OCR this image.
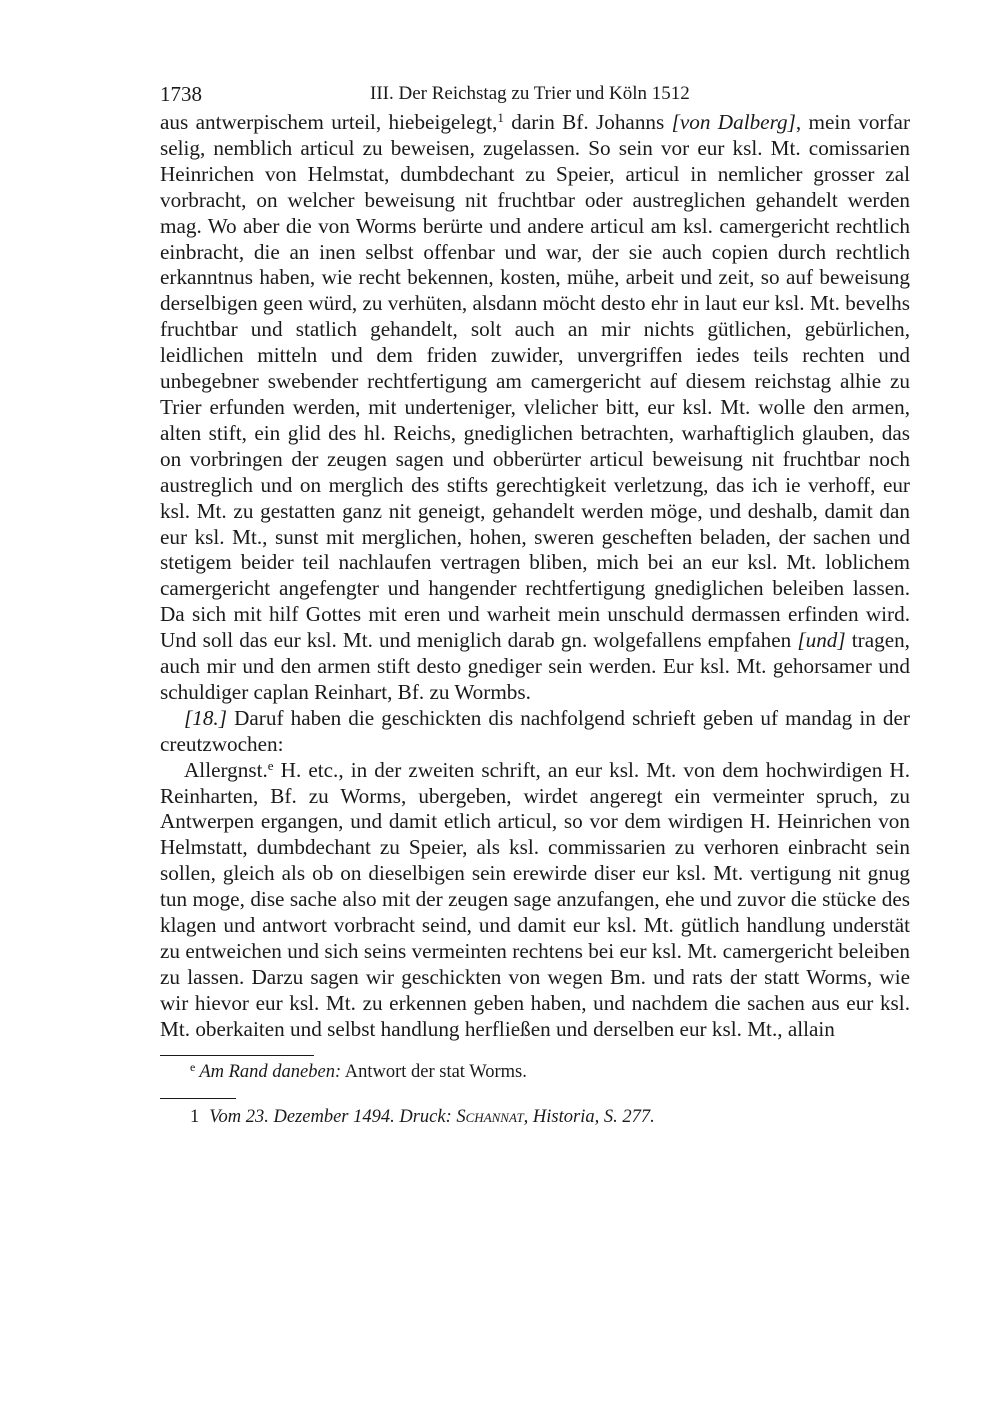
1738	III. Der Reichstag zu Trier und Köln 1512

aus antwerpischem urteil, hiebeigelegt,$^1$ darin Bf. Johanns [von Dalberg], mein vorfar selig, nemblich articul zu beweisen, zugelassen. So sein vor eur ksl. Mt. comissarien Heinrichen von Helmstat, dumbdechant zu Speier, articul in nemlicher grosser zal vorbracht, on welcher beweisung nit fruchtbar oder austreglichen gehandelt werden mag. Wo aber die von Worms berürte und andere articul am ksl. camergericht rechtlich einbracht, die an inen selbst offenbar und war, der sie auch copien durch rechtlich erkanntnus haben, wie recht bekennen, kosten, mühe, arbeit und zeit, so auf beweisung derselbigen geen würd, zu verhüten, alsdann möcht desto ehr in laut eur ksl. Mt. bevelhs fruchtbar und statlich gehandelt, solt auch an mir nichts gütlichen, gebürlichen, leidlichen mitteln und dem friden zuwider, unvergriffen iedes teils rechten und unbegebner swebender rechtfertigung am camergericht auf diesem reichstag alhie zu Trier erfunden werden, mit underteniger, vlelicher bitt, eur ksl. Mt. wolle den armen, alten stift, ein glid des hl. Reichs, gnediglichen betrachten, warhaftiglich glauben, das on vorbringen der zeugen sagen und obberürter articul beweisung nit fruchtbar noch austreglich und on merglich des stifts gerechtigkeit verletzung, das ich ie verhoff, eur ksl. Mt. zu gestatten ganz nit geneigt, gehandelt werden möge, und deshalb, damit dan eur ksl. Mt., sunst mit merglichen, hohen, sweren gescheften beladen, der sachen und stetigem beider teil nachlaufen vertragen bliben, mich bei an eur ksl. Mt. loblichem camergericht angefengter und hangender rechtfertigung gnediglichen beleiben lassen. Da sich mit hilf Gottes mit eren und warheit mein unschuld dermassen erfinden wird. Und soll das eur ksl. Mt. und meniglich darab gn. wolgefallens empfahen [und] tragen, auch mir und den armen stift desto gnediger sein werden. Eur ksl. Mt. gehorsamer und schuldiger caplan Reinhart, Bf. zu Wormbs.

[18.] Daruf haben die geschickten dis nachfolgend schrieft geben uf mandag in der creutzwochen:

Allergnst.$^e$ H. etc., in der zweiten schrift, an eur ksl. Mt. von dem hochwirdigen H. Reinharten, Bf. zu Worms, ubergeben, wirdet angeregt ein vermeinter spruch, zu Antwerpen ergangen, und damit etlich articul, so vor dem wirdigen H. Heinrichen von Helmstatt, dumbdechant zu Speier, als ksl. commissarien zu verhoren einbracht sein sollen, gleich als ob on dieselbigen sein erewirde diser eur ksl. Mt. vertigung nit gnug tun moge, dise sache also mit der zeugen sage anzufangen, ehe und zuvor die stücke des klagen und antwort vorbracht seind, und damit eur ksl. Mt. gütlich handlung understät zu entweichen und sich seins vermeinten rechtens bei eur ksl. Mt. camergericht beleiben zu lassen. Darzu sagen wir geschickten von wegen Bm. und rats der statt Worms, wie wir hievor eur ksl. Mt. zu erkennen geben haben, und nachdem die sachen aus eur ksl. Mt. oberkaiten und selbst handlung herfließen und derselben eur ksl. Mt., allain

$^e$ Am Rand daneben: Antwort der stat Worms.
1 Vom 23. Dezember 1494. Druck: Schannat, Historia, S. 277.
